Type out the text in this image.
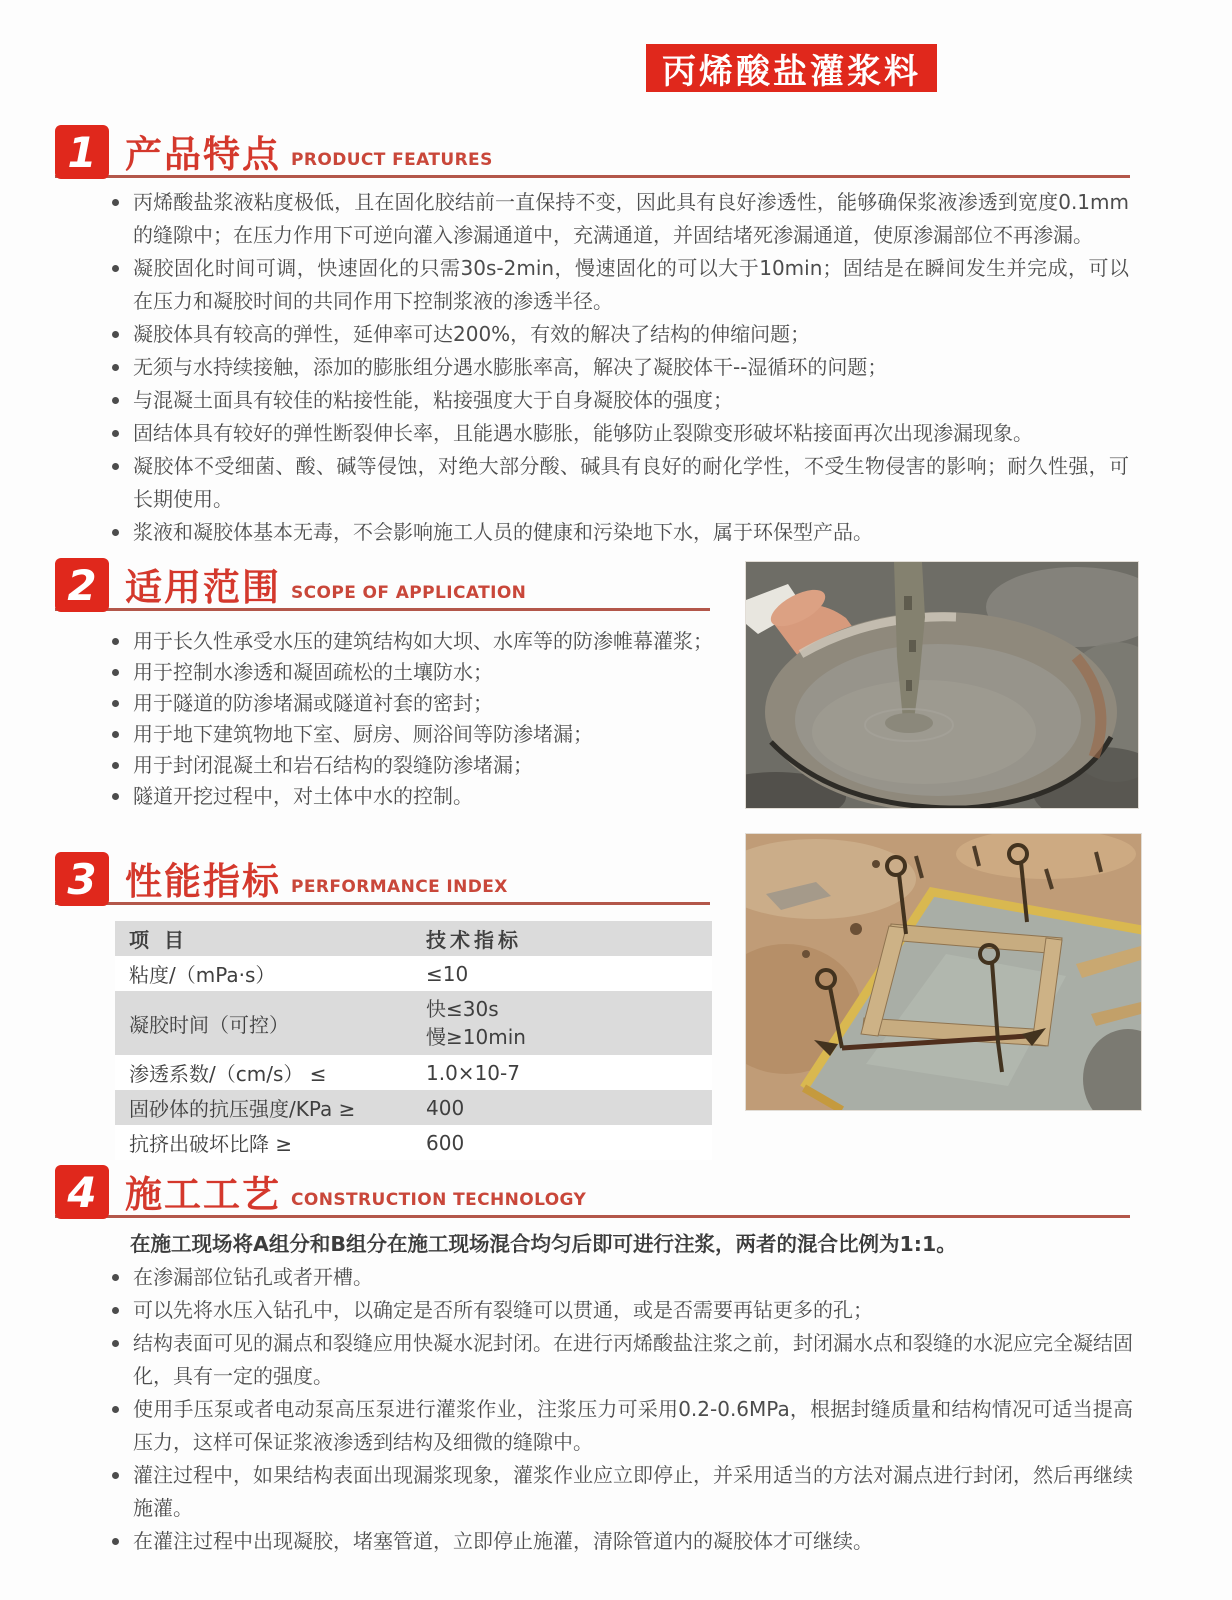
丙烯酸盐灌浆料
1 产品特点 PRODUCT FEATURES
丙烯酸盐浆液粘度极低，且在固化胶结前一直保持不变，因此具有良好渗透性，能够确保浆液渗透到宽度0.1mm的缝隙中；在压力作用下可逆向灌入渗漏通道中，充满通道，并固结堵死渗漏通道，使原渗漏部位不再渗漏。
凝胶固化时间可调，快速固化的只需30s-2min，慢速固化的可以大于10min；固结是在瞬间发生并完成，可以在压力和凝胶时间的共同作用下控制浆液的渗透半径。
凝胶体具有较高的弹性，延伸率可达200%，有效的解决了结构的伸缩问题；
无须与水持续接触，添加的膨胀组分遇水膨胀率高，解决了凝胶体干--湿循环的问题；
与混凝土面具有较佳的粘接性能，粘接强度大于自身凝胶体的强度；
固结体具有较好的弹性断裂伸长率，且能遇水膨胀，能够防止裂隙变形破坏粘接面再次出现渗漏现象。
凝胶体不受细菌、酸、碱等侵蚀，对绝大部分酸、碱具有良好的耐化学性，不受生物侵害的影响；耐久性强，可长期使用。
浆液和凝胶体基本无毒，不会影响施工人员的健康和污染地下水，属于环保型产品。
2 适用范围 SCOPE OF APPLICATION
用于长久性承受水压的建筑结构如大坝、水库等的防渗帷幕灌浆；
用于控制水渗透和凝固疏松的土壤防水；
用于隧道的防渗堵漏或隧道衬套的密封；
用于地下建筑物地下室、厨房、厕浴间等防渗堵漏；
用于封闭混凝土和岩石结构的裂缝防渗堵漏；
隧道开挖过程中，对土体中水的控制。
3 性能指标 PERFORMANCE INDEX
项 目	技术指标
粘度/（mPa·s）	≤10
凝胶时间（可控）	快≤30s
慢≥10min

渗透系数/（cm/s） ≤	1.0×10-7
固砂体的抗压强度/KPa ≥	400
抗挤出破坏比降 ≥	600
4 施工工艺 CONSTRUCTION TECHNOLOGY
在施工现场将A组分和B组分在施工现场混合均匀后即可进行注浆，两者的混合比例为1:1。
在渗漏部位钻孔或者开槽。
可以先将水压入钻孔中，以确定是否所有裂缝可以贯通，或是否需要再钻更多的孔；
结构表面可见的漏点和裂缝应用快凝水泥封闭。在进行丙烯酸盐注浆之前，封闭漏水点和裂缝的水泥应完全凝结固化，具有一定的强度。
使用手压泵或者电动泵高压泵进行灌浆作业，注浆压力可采用0.2-0.6MPa，根据封缝质量和结构情况可适当提高压力，这样可保证浆液渗透到结构及细微的缝隙中。
灌注过程中，如果结构表面出现漏浆现象，灌浆作业应立即停止，并采用适当的方法对漏点进行封闭，然后再继续施灌。
在灌注过程中出现凝胶，堵塞管道，立即停止施灌，清除管道内的凝胶体才可继续。
